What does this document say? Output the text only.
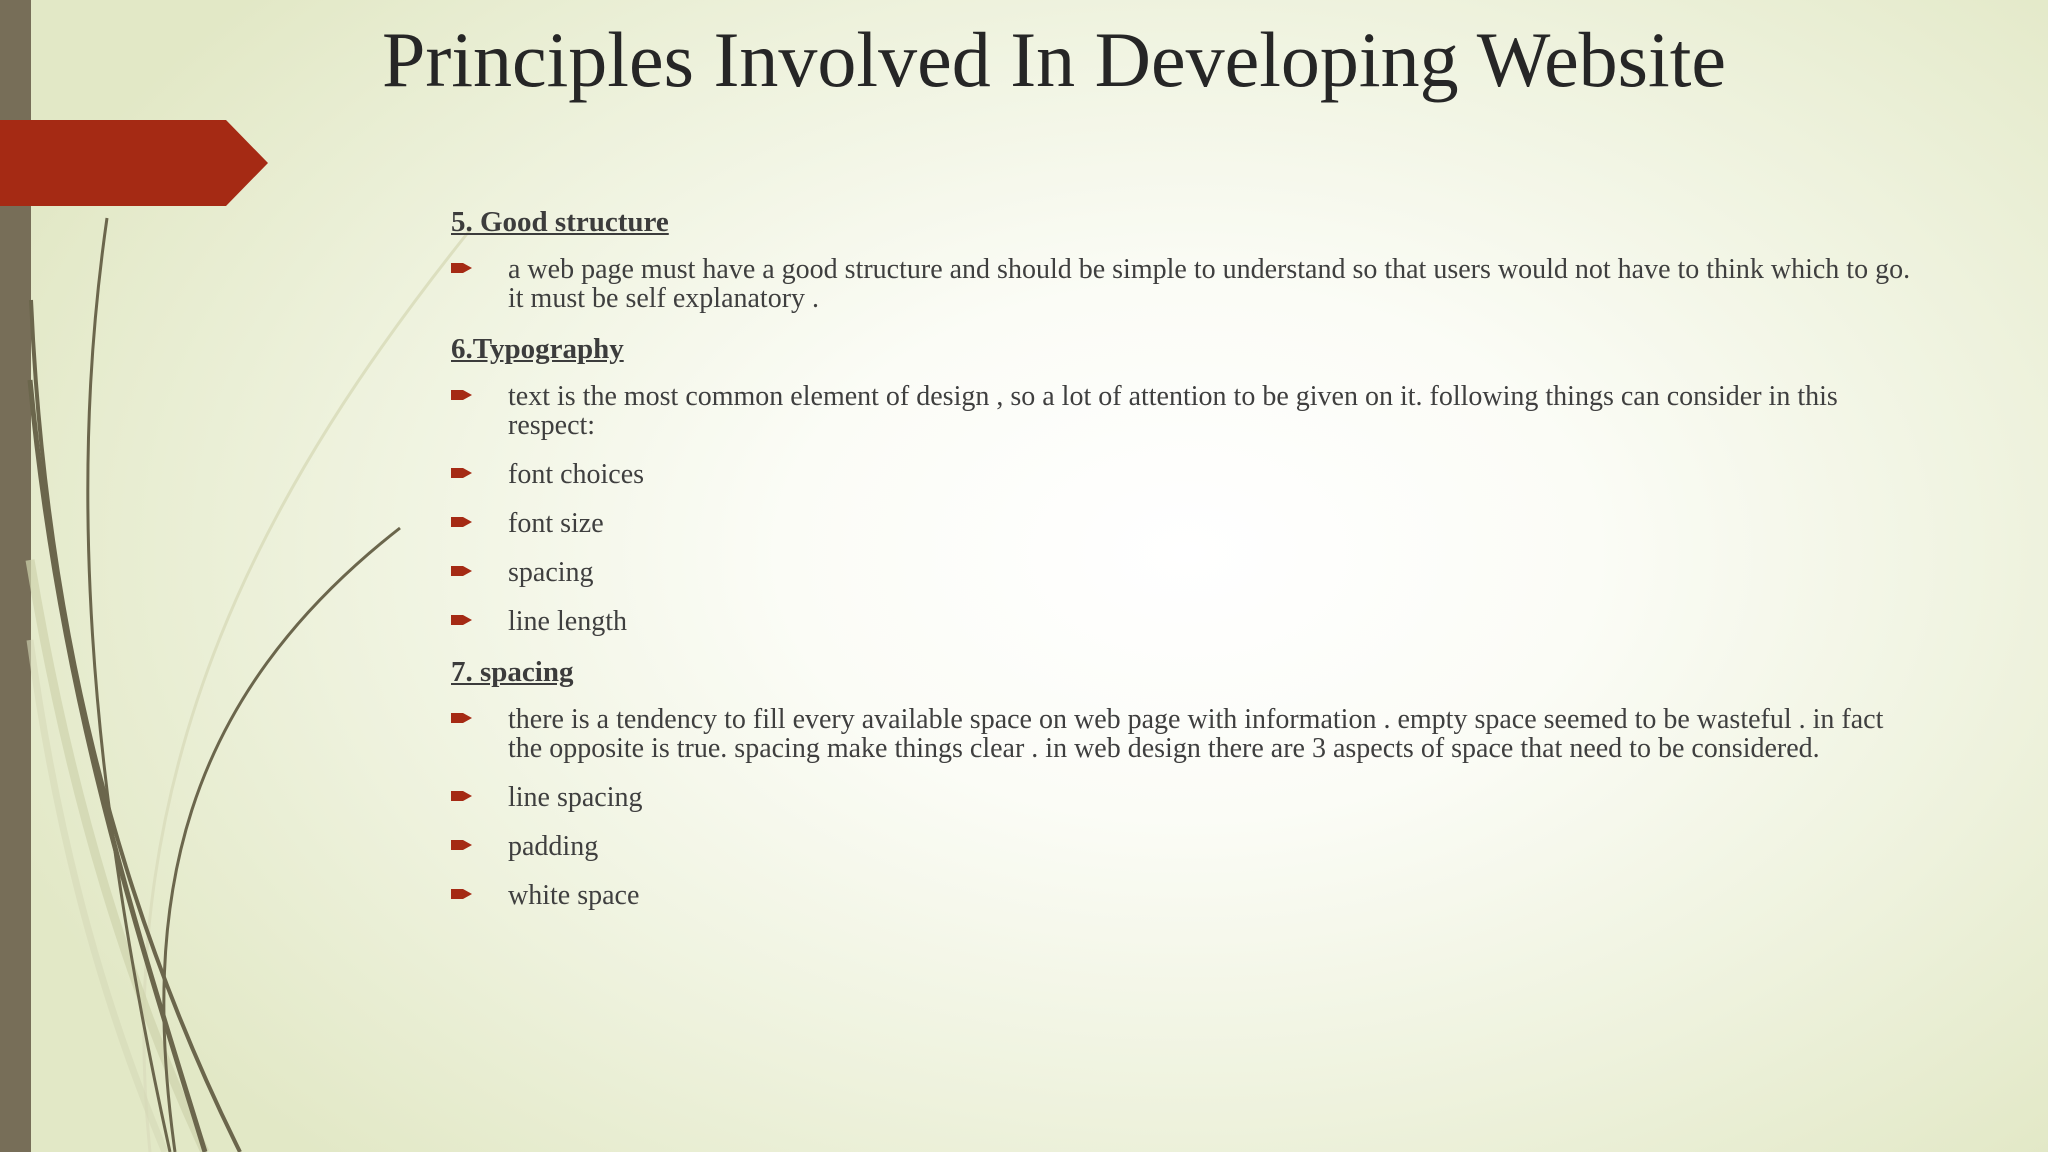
Principles Involved In Developing Website
5. Good structure
a web page must have a good structure and should be simple to understand so that users would not have to think which to go. it must be self explanatory .
6.Typography
text is the most common element of design , so a lot of attention to be given on it. following things can consider in this respect:
font choices
font size
spacing
line length
7. spacing
there is a tendency to fill every available space on web page with information . empty space seemed to be wasteful . in fact the opposite is true. spacing make things clear . in web design there are 3 aspects of space that need to be considered.
line spacing
padding
white space
